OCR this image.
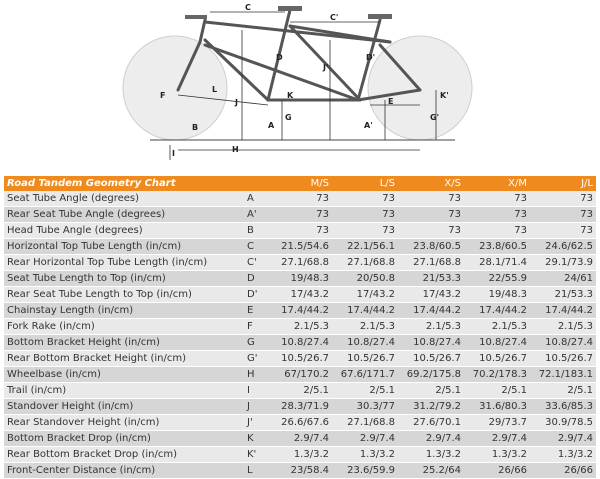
C
C'
J
J'
D	D'
A	A'
B
E
F
G	G'
H
I
K	K'
L
Road Tandem Geometry Chart		M/S	L/S	X/S	X/M	J/L
Seat Tube Angle (degrees)	A	73	73	73	73	73
Rear Seat Tube Angle (degrees)	A'	73	73	73	73	73
Head Tube Angle (degrees)	B	73	73	73	73	73
Horizontal Top Tube Length (in/cm)	C	21.5/54.6	22.1/56.1	23.8/60.5	23.8/60.5	24.6/62.5
Rear Horizontal Top Tube Length (in/cm)	C'	27.1/68.8	27.1/68.8	27.1/68.8	28.1/71.4	29.1/73.9
Seat Tube Length to Top (in/cm)	D	19/48.3	20/50.8	21/53.3	22/55.9	24/61
Rear Seat Tube Length to Top (in/cm)	D'	17/43.2	17/43.2	17/43.2	19/48.3	21/53.3
Chainstay Length (in/cm)	E	17.4/44.2	17.4/44.2	17.4/44.2	17.4/44.2	17.4/44.2
Fork Rake (in/cm)	F	2.1/5.3	2.1/5.3	2.1/5.3	2.1/5.3	2.1/5.3
Bottom Bracket Height (in/cm)	G	10.8/27.4	10.8/27.4	10.8/27.4	10.8/27.4	10.8/27.4
Rear Bottom Bracket Height (in/cm)	G'	10.5/26.7	10.5/26.7	10.5/26.7	10.5/26.7	10.5/26.7
Wheelbase (in/cm)	H	67/170.2	67.6/171.7	69.2/175.8	70.2/178.3	72.1/183.1
Trail (in/cm)	I	2/5.1	2/5.1	2/5.1	2/5.1	2/5.1
Standover Height (in/cm)	J	28.3/71.9	30.3/77	31.2/79.2	31.6/80.3	33.6/85.3
Rear Standover Height (in/cm)	J'	26.6/67.6	27.1/68.8	27.6/70.1	29/73.7	30.9/78.5
Bottom Bracket Drop (in/cm)	K	2.9/7.4	2.9/7.4	2.9/7.4	2.9/7.4	2.9/7.4
Rear Bottom Bracket Drop (in/cm)	K'	1.3/3.2	1.3/3.2	1.3/3.2	1.3/3.2	1.3/3.2
Front-Center Distance (in/cm)	L	23/58.4	23.6/59.9	25.2/64	26/66	26/66
